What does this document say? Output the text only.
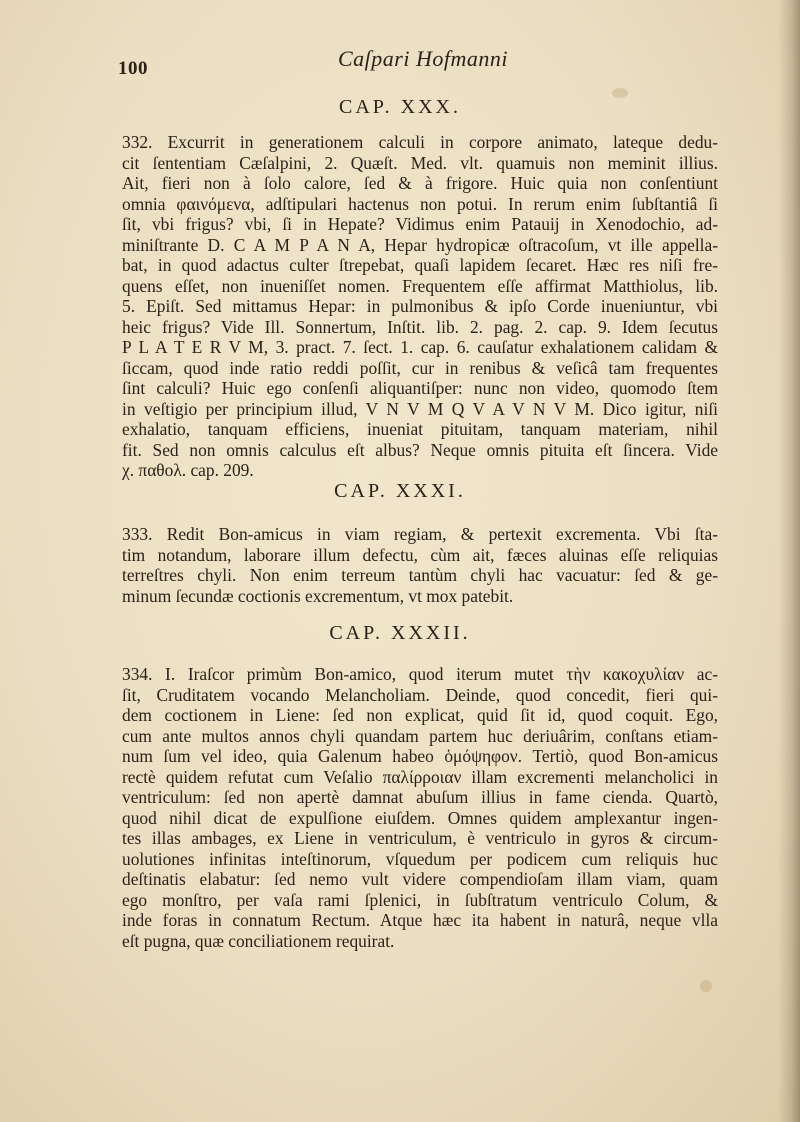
100	Caſpari Hofmanni
CAP. XXX.
332. Excurrit in generationem calculi in corpore animato, lateque dedu-
cit ſententiam Cæſalpini, 2. Quæſt. Med. vlt. quamuis non meminit illius.
Ait, fieri non à ſolo calore, ſed & à frigore. Huic quia non conſentiunt
omnia φαινόμενα, adſtipulari hactenus non potui. In rerum enim ſubſtantiâ ſi
ſit, vbi frigus? vbi, ſi in Hepate? Vidimus enim Patauij in Xenodochio, ad-
miniſtrante D. C A M P A N A, Hepar hydropicæ oſtracoſum, vt ille appella-
bat, in quod adactus culter ſtrepebat, quaſi lapidem ſecaret. Hæc res niſi fre-
quens eſſet, non inueniſſet nomen. Frequentem eſſe affirmat Matthiolus, lib.
5. Epiſt. Sed mittamus Hepar: in pulmonibus & ipſo Corde inueniuntur, vbi
heic frigus? Vide Ill. Sonnertum, Inſtit. lib. 2. pag. 2. cap. 9. Idem ſecutus
P L A T E R V M, 3. pract. 7. ſect. 1. cap. 6. cauſatur exhalationem calidam &
ſiccam, quod inde ratio reddi poſſit, cur in renibus & veſicâ tam frequentes
ſint calculi? Huic ego conſenſi aliquantiſper: nunc non video, quomodo ſtem
in veſtigio per principium illud, V N V M Q V A V N V M. Dico igitur, niſi
exhalatio, tanquam efficiens, inueniat pituitam, tanquam materiam, nihil
fit. Sed non omnis calculus eſt albus? Neque omnis pituita eſt ſincera. Vide
χ. παθολ. cap. 209.
CAP. XXXI.
333. Redit Bon-amicus in viam regiam, & pertexit excrementa. Vbi ſta-
tim notandum, laborare illum defectu, cùm ait, fæces aluinas eſſe reliquias
terreſtres chyli. Non enim terreum tantùm chyli hac vacuatur: ſed & ge-
minum ſecundæ coctionis excrementum, vt mox patebit.
CAP. XXXII.
334. I. Iraſcor primùm Bon-amico, quod iterum mutet τὴν κακοχυλίαν ac-
ſit, Cruditatem vocando Melancholiam. Deinde, quod concedit, fieri qui-
dem coctionem in Liene: ſed non explicat, quid ſit id, quod coquit. Ego,
cum ante multos annos chyli quandam partem huc deriuârim, conſtans etiam-
num ſum vel ideo, quia Galenum habeo ὁμόψηφον. Tertiò, quod Bon-amicus
rectè quidem refutat cum Veſalio παλίρροιαν illam excrementi melancholici in
ventriculum: ſed non apertè damnat abuſum illius in fame cienda. Quartò,
quod nihil dicat de expulſione eiuſdem. Omnes quidem amplexantur ingen-
tes illas ambages, ex Liene in ventriculum, è ventriculo in gyros & circum-
uolutiones infinitas inteſtinorum, vſquedum per podicem cum reliquis huc
deſtinatis elabatur: ſed nemo vult videre compendioſam illam viam, quam
ego monſtro, per vaſa rami ſplenici, in ſubſtratum ventriculo Colum, &
inde foras in connatum Rectum. Atque hæc ita habent in naturâ, neque vlla
eſt pugna, quæ conciliationem requirat.
